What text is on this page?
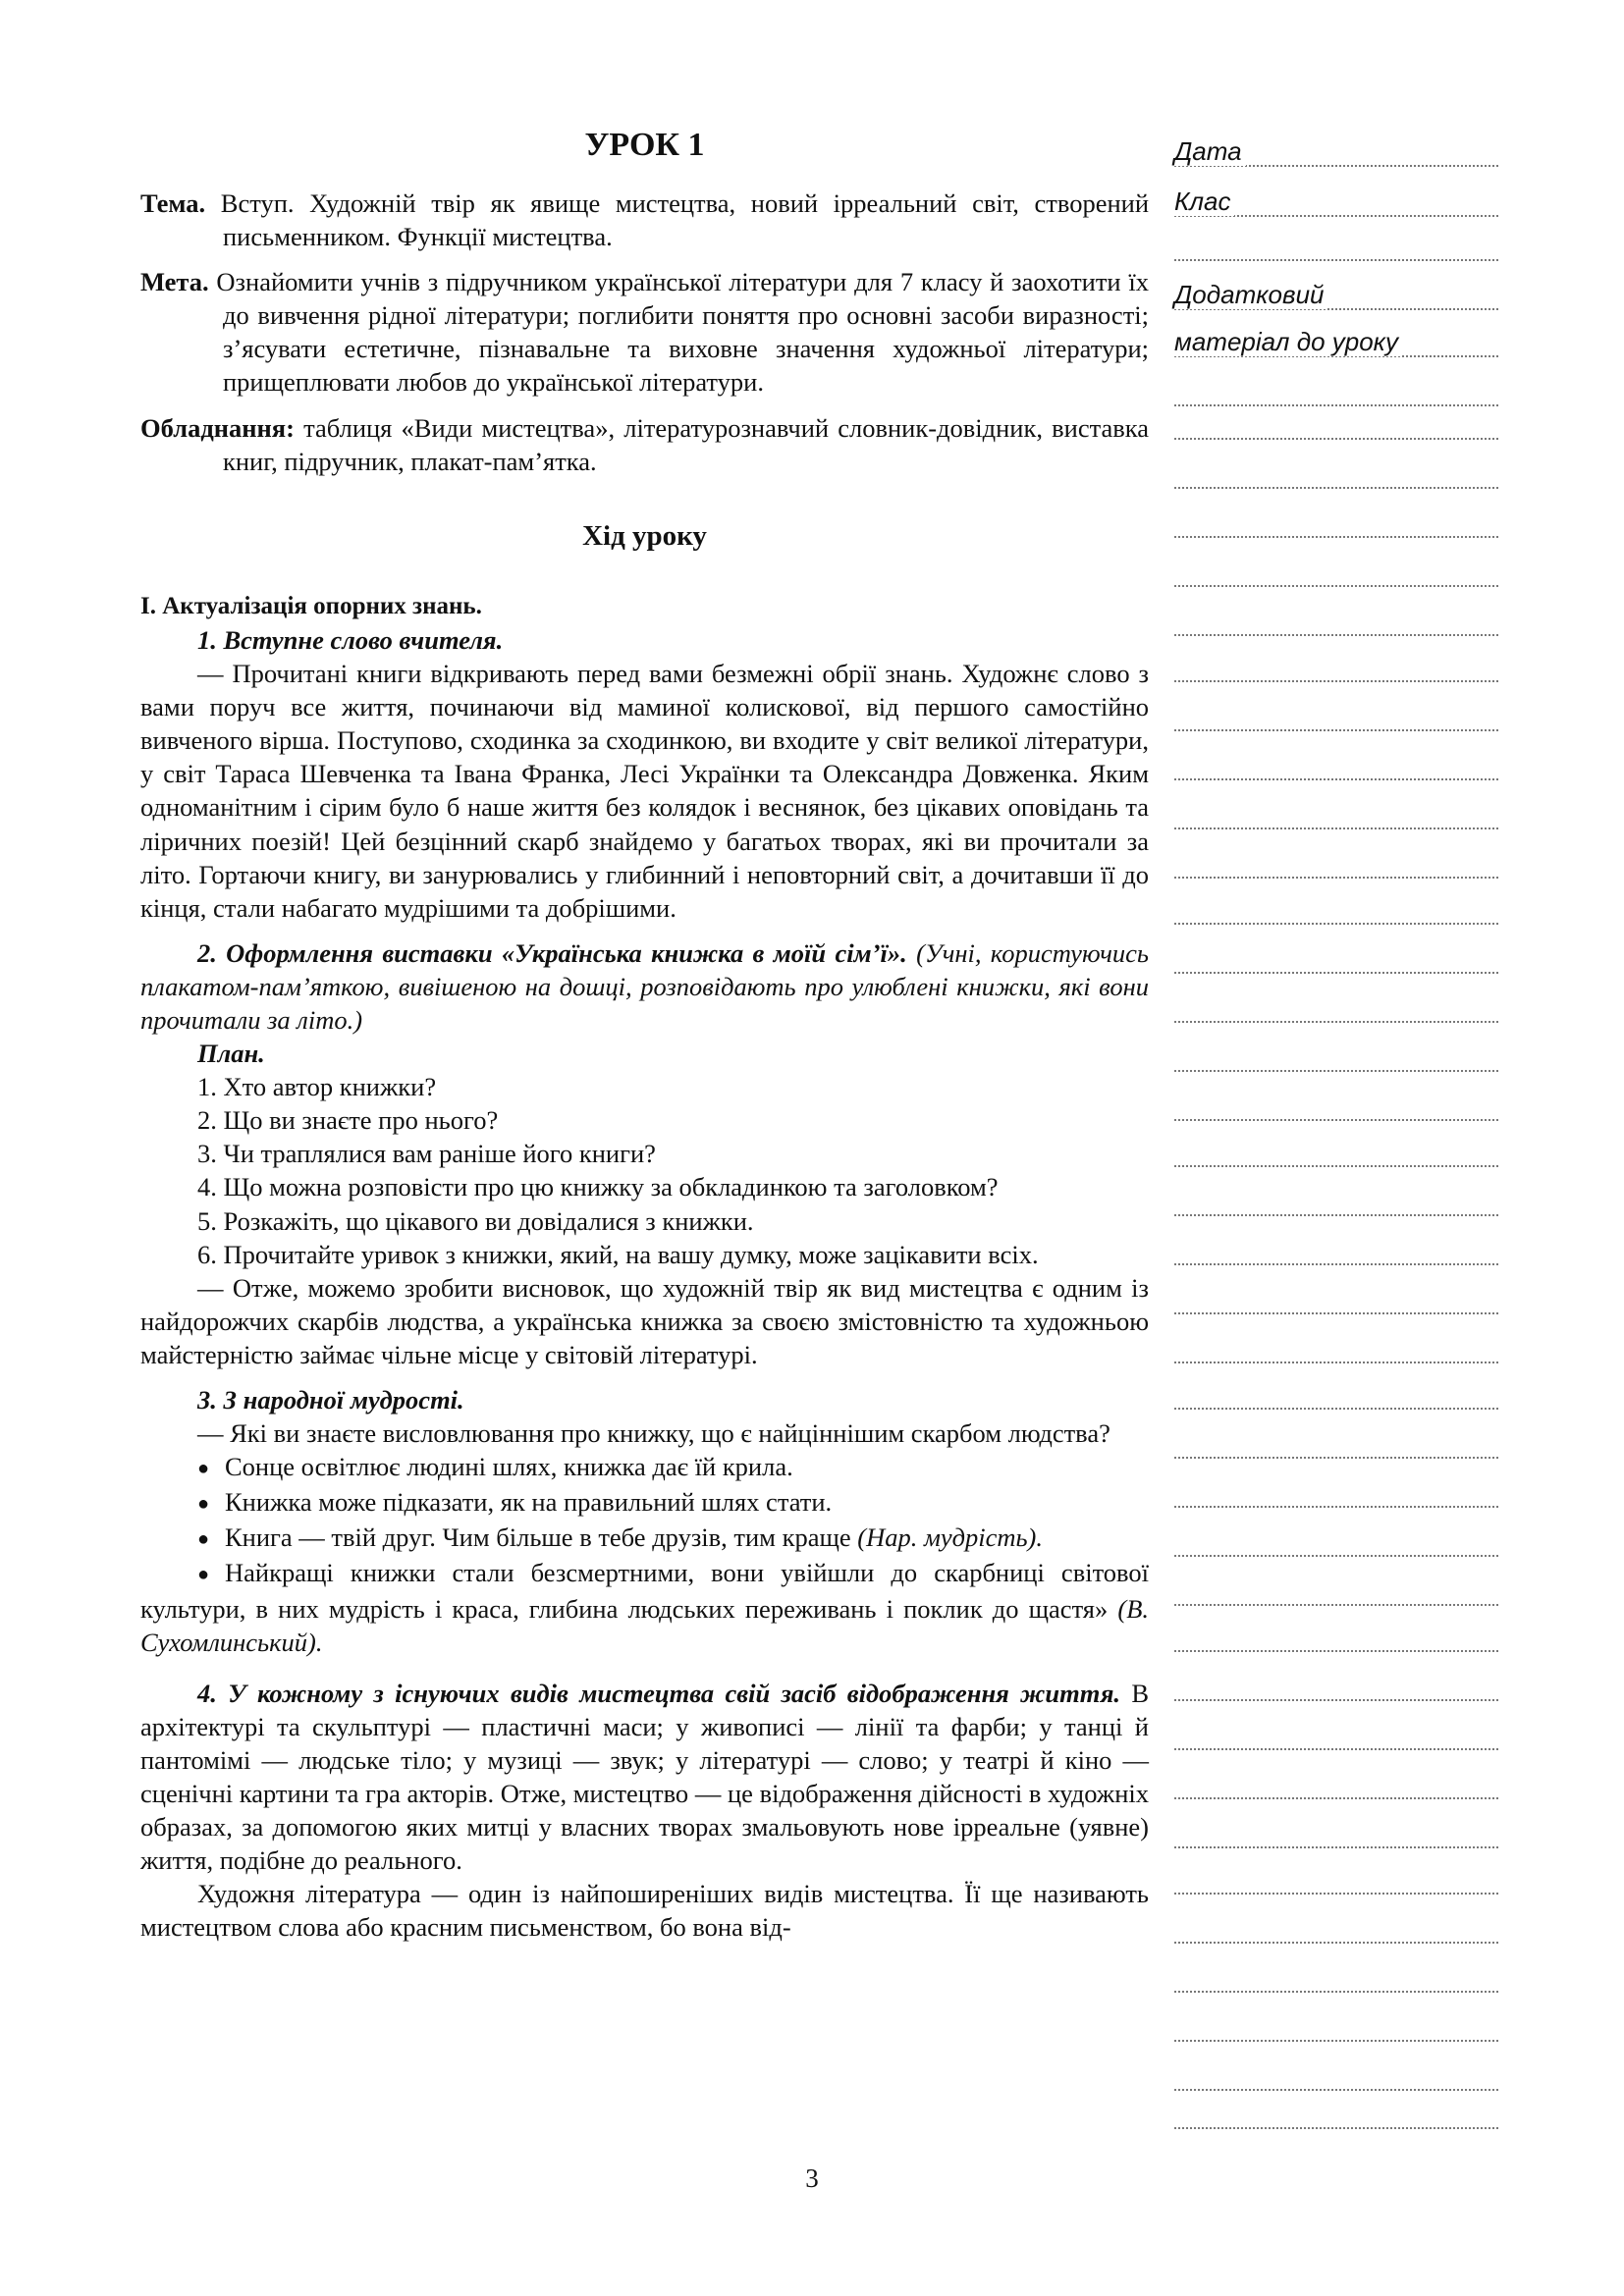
УРОК 1

Тема. Вступ. Художній твір як явище мистецтва, новий ірреальний світ, створений письменником. Функції мистецтва.

Мета. Ознайомити учнів з підручником української літератури для 7 класу й заохотити їх до вивчення рідної літератури; поглибити поняття про основні засоби виразності; з’ясувати естетичне, пізнавальне та виховне значення художньої літератури; прищеплювати любов до української літератури.

Обладнання: таблиця «Види мистецтва», літературознавчий словник-довідник, виставка книг, підручник, плакат-пам’ятка.

Хід уроку

І. Актуалізація опорних знань.

1. Вступне слово вчителя.

— Прочитані книги відкривають перед вами безмежні обрії знань. Художнє слово з вами поруч все життя, починаючи від маминої колискової, від першого самостійно вивченого вірша. Поступово, сходинка за сходинкою, ви входите у світ великої літератури, у світ Тараса Шевченка та Івана Франка, Лесі Українки та Олександра Довженка. Яким одноманітним і сірим було б наше життя без колядок і веснянок, без цікавих оповідань та ліричних поезій! Цей безцінний скарб знайдемо у багатьох творах, які ви прочитали за літо. Гортаючи книгу, ви занурювались у глибинний і неповторний світ, а дочитавши її до кінця, стали набагато мудрішими та добрішими.

2. Оформлення виставки «Українська книжка в моїй сім’ї». (Учні, користуючись плакатом-пам’яткою, вивішеною на дошці, розповідають про улюблені книжки, які вони прочитали за літо.)

План.

1. Хто автор книжки?

2. Що ви знаєте про нього?

3. Чи траплялися вам раніше його книги?

4. Що можна розповісти про цю книжку за обкладинкою та заголовком?

5. Розкажіть, що цікавого ви довідалися з книжки.

6. Прочитайте уривок з книжки, який, на вашу думку, може зацікавити всіх.

— Отже, можемо зробити висновок, що художній твір як вид мистецтва є одним із найдорожчих скарбів людства, а українська книжка за своєю змістовністю та художньою майстерністю займає чільне місце у світовій літературі.

3. З народної мудрості.

— Які ви знаєте висловлювання про книжку, що є найціннішим скарбом людства?

● Сонце освітлює людині шлях, книжка дає їй крила.

● Книжка може підказати, як на правильний шлях стати.

● Книга — твій друг. Чим більше в тебе друзів, тим краще (Нар. мудрість).

● Найкращі книжки стали безсмертними, вони увійшли до скарбниці світової культури, в них мудрість і краса, глибина людських переживань і поклик до щастя» (В. Сухомлинський).

4. У кожному з існуючих видів мистецтва свій засіб відображення життя. В архітектурі та скульптурі — пластичні маси; у живописі — лінії та фарби; у танці й пантомімі — людське тіло; у музиці — звук; у літературі — слово; у театрі й кіно — сценічні картини та гра акторів. Отже, мистецтво — це відображення дійсності в художніх образах, за допомогою яких митці у власних творах змальовують нове ірреальне (уявне) життя, подібне до реального.

Художня література — один із найпоширеніших видів мистецтва. Її ще називають мистецтвом слова або красним письменством, бо вона від-

Дата
Клас
Додатковий
матеріал до уроку
3
